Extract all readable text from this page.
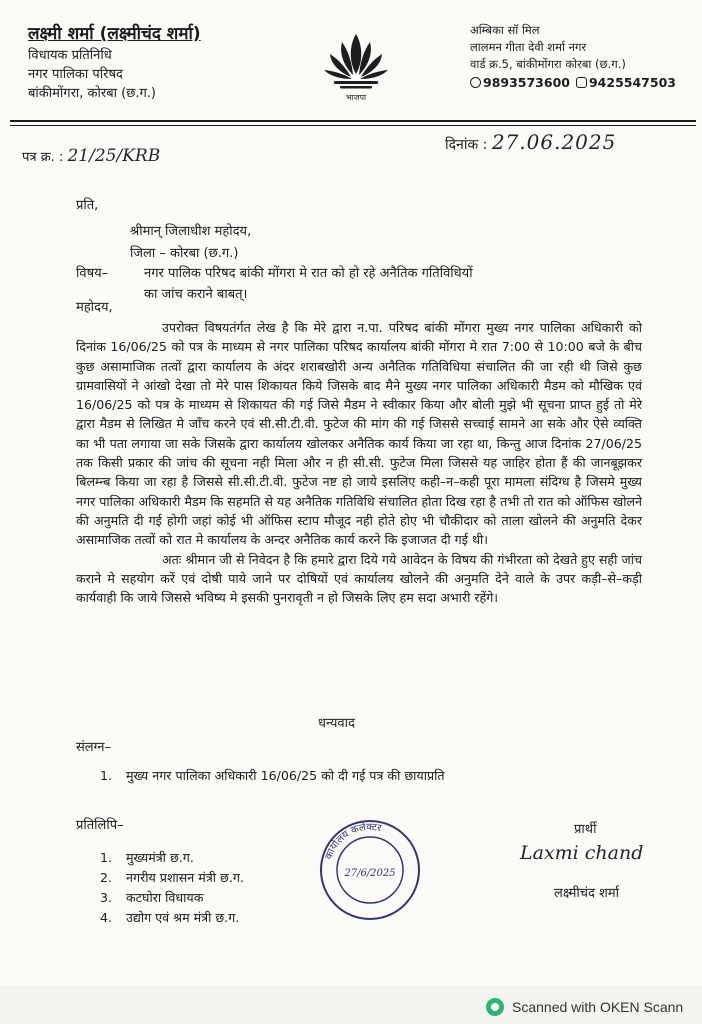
लक्ष्मी शर्मा (लक्ष्मीचंद शर्मा)
विधायक प्रतिनिधि
नगर पालिका परिषद
बांकीमोंगरा, कोरबा (छ.ग.)	भाजपा
अम्बिका सॉ मिल
लालमन गीता देवी शर्मा नगर
वार्ड क्र.5, बांकीमोंगरा कोरबा (छ.ग.)
9893573600 9425547503
पत्र क्र. : 21/25/KRB
दिनांक : 27.06.2025
प्रति,
श्रीमान् जिलाधीश महोदय,
जिला – कोरबा (छ.ग.)
विषय–	नगर पालिक परिषद बांकी मोंगरा मे रात को हो रहे अनैतिक गतिविधियों
का जांच कराने बाबत्।
महोदय,

उपरोक्त विषयतंर्गत लेख है कि मेरे द्वारा न.पा. परिषद बांकी मोंगरा मुख्य नगर पालिका अधिकारी को दिनांक 16/06/25 को पत्र के माध्यम से नगर पालिका परिषद कार्यालय बांकी मोंगरा मे रात 7:00 से 10:00 बजे के बीच कुछ असामाजिक तत्वों द्वारा कार्यालय के अंदर शराबखोरी अन्य अनैतिक गतिविधिया संचालित की जा रही थी जिसे कुछ ग्रामवासियों ने आंखो देखा तो मेरे पास शिकायत किये जिसके बाद मैने मुख्य नगर पालिका अधिकारी मैडम को मौखिक एवं 16/06/25 को पत्र के माध्यम से शिकायत की गई जिसे मैडम ने स्वीकार किया और बोली मुझे भी सूचना प्राप्त हुई तो मेरे द्वारा मैडम से लिखित मे जाँच करने एवं सी.सी.टी.वी. फुटेज की मांग की गई जिससे सच्चाई सामने आ सके और ऐसे व्यक्ति का भी पता लगाया जा सके जिसके द्वारा कार्यालय खोलकर अनैतिक कार्य किया जा रहा था, किन्तु आज दिनांक 27/06/25 तक किसी प्रकार की जांच की सूचना नही मिला और न ही सी.सी. फुटेज मिला जिससे यह जाहिर होता हैं की जानबूझकर बिलम्न्ब किया जा रहा है जिससे सी.सी.टी.वी. फुटेज नष्ट हो जाये इसलिए कही–न–कही पूरा मामला संदिग्ध है जिसमे मुख्य नगर पालिका अधिकारी मैडम कि सहमति से यह अनैतिक गतिविधि संचालित होता दिख रहा है तभी तो रात को ऑफिस खोलने की अनुमति दी गई होगी जहां कोई भी ऑफिस स्टाप मौजूद नही होते होए भी चौकीदार को ताला खोलने की अनुमति देकर असामाजिक तत्वों को रात मे कार्यालय के अन्दर अनैतिक कार्य करने कि इजाजत दी गई थी।

अतः श्रीमान जी से निवेदन है कि हमारे द्वारा दिये गये आवेदन के विषय की गंभीरता को देखते हुए सही जांच कराने मे सहयोग करें एवं दोषी पाये जाने पर दोषियों एवं कार्यालय खोलने की अनुमति देने वाले के उपर कड़ी–से–कड़ी कार्यवाही कि जाये जिससे भविष्य मे इसकी पुनरावृती न हो जिसके लिए हम सदा अभारी रहेंगे।

धन्यवाद
संलग्न–
1. मुख्य नगर पालिका अधिकारी 16/06/25 को दी गई पत्र की छायाप्रति
प्रतिलिपि–
1. मुख्यमंत्री छ.ग.
2. नगरीय प्रशासन मंत्री छ.ग.
3. कटघोरा विधायक
4. उद्योग एवं श्रम मंत्री छ.ग.
कार्यालय कलेक्टर
27/6/2025
प्रार्थी
Laxmi chand
लक्ष्मीचंद शर्मा
Scanned with OKEN Scann
